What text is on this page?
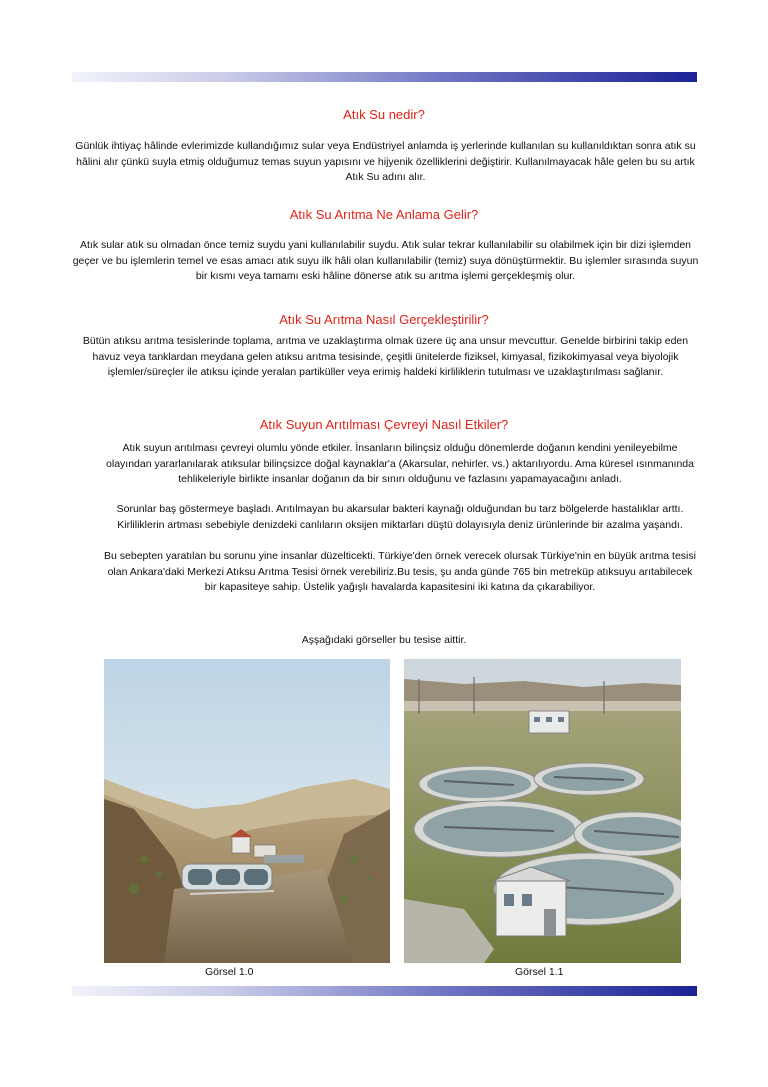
Atık Su nedir?

Günlük ihtiyaç hâlinde evlerimizde kullandığımız sular veya Endüstriyel anlamda iş yerlerinde kullanılan su kullanıldıktan sonra atık su hâlini alır çünkü suyla etmiş olduğumuz temas suyun yapısını ve hijyenik özelliklerini değiştirir. Kullanılmayacak hâle gelen bu su artık Atık Su adını alır.

Atık Su Arıtma Ne Anlama Gelir?

Atık sular atık su olmadan önce temiz suydu yani kullanılabilir suydu. Atık sular tekrar kullanılabilir su olabilmek için bir dizi işlemden geçer ve bu işlemlerin temel ve esas amacı atık suyu ilk hâli olan kullanılabilir (temiz) suya dönüştürmektir. Bu işlemler sırasında suyun bir kısmı veya tamamı eski hâline dönerse atık su arıtma işlemi gerçekleşmiş olur.

Atık Su Arıtma Nasıl Gerçekleştirilir?

Bütün atıksu arıtma tesislerinde toplama, arıtma ve uzaklaştırma olmak üzere üç ana unsur mevcuttur. Genelde birbirini takip eden havuz veya tanklardan meydana gelen atıksu arıtma tesisinde, çeşitli ünitelerde fiziksel, kimyasal, fizikokimyasal veya biyolojik işlemler/süreçler ile atıksu içinde yeralan partiküller veya erimiş haldeki kirliliklerin tutulması ve uzaklaştırılması sağlanır.

Atık Suyun Arıtılması Çevreyi Nasıl Etkiler?

Atık suyun arıtılması çevreyi olumlu yönde etkiler. İnsanların bilinçsiz olduğu dönemlerde doğanın kendini yenileyebilme olayından yararlanılarak atıksular bilinçsizce doğal kaynaklar'a (Akarsular, nehirler. vs.) aktarılıyordu. Ama küresel ısınmanında tehlikeleriyle birlikte insanlar doğanın da bir sınırı olduğunu ve fazlasını yapamayacağını anladı.

Sorunlar baş göstermeye başladı. Arıtılmayan bu akarsular bakteri kaynağı olduğundan bu tarz bölgelerde hastalıklar arttı. Kirliliklerin artması sebebiyle denizdeki canlıların oksijen miktarları düştü dolayısıyla deniz ürünlerinde bir azalma yaşandı.

Bu sebepten yaratılan bu sorunu yine insanlar düzelticekti. Türkiye'den örnek verecek olursak Türkiye'nin en büyük arıtma tesisi olan Ankara'daki Merkezi Atıksu Arıtma Tesisi örnek verebiliriz.Bu tesis, şu anda günde 765 bin metreküp atıksuyu arıtabilecek bir kapasiteye sahip. Üstelik yağışlı havalarda kapasitesini iki katına da çıkarabiliyor.

Aşşağıdaki görseller bu tesise aittir.
Görsel 1.0	Görsel 1.1
